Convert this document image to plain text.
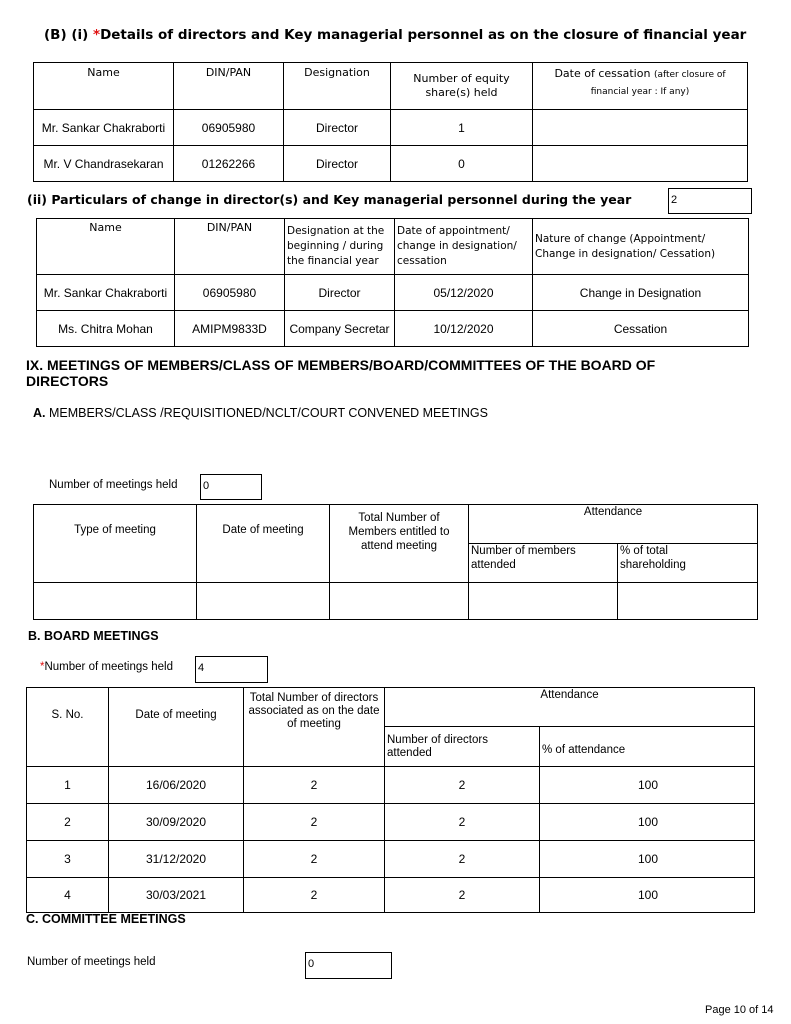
(B) (i) *Details of directors and Key managerial personnel as on the closure of financial year
Name	DIN/PAN	Designation	Number of equity share(s) held	Date of cessation (after closure of
financial year : If any)
Mr. Sankar Chakraborti	06905980	Director	1	
Mr. V Chandrasekaran	01262266	Director	0	
(ii) Particulars of change in director(s) and Key managerial personnel during the year	2
Name	DIN/PAN	Designation at the beginning / during the financial year	Date of appointment/ change in designation/ cessation	Nature of change (Appointment/ Change in designation/ Cessation)
Mr. Sankar Chakraborti	06905980	Director	05/12/2020	Change in Designation
Ms. Chitra Mohan	AMIPM9833D	Company Secretar	10/12/2020	Cessation
IX. MEETINGS OF MEMBERS/CLASS OF MEMBERS/BOARD/COMMITTEES OF THE BOARD OF DIRECTORS
A. MEMBERS/CLASS /REQUISITIONED/NCLT/COURT CONVENED MEETINGS
Number of meetings held 0
Type of meeting	Date of meeting	Total Number of Members entitled to attend meeting	Attendance	
			Number of members attended	% of total shareholding

B. BOARD MEETINGS
*Number of meetings held 4
S. No.	Date of meeting	Total Number of directors associated as on the date of meeting	Attendance	
			Number of directors attended	% of attendance
1	16/06/2020	2	2	100
2	30/09/2020	2	2	100
3	31/12/2020	2	2	100
4	30/03/2021	2	2	100
C. COMMITTEE MEETINGS
Number of meetings held	0
Page 10 of 14
